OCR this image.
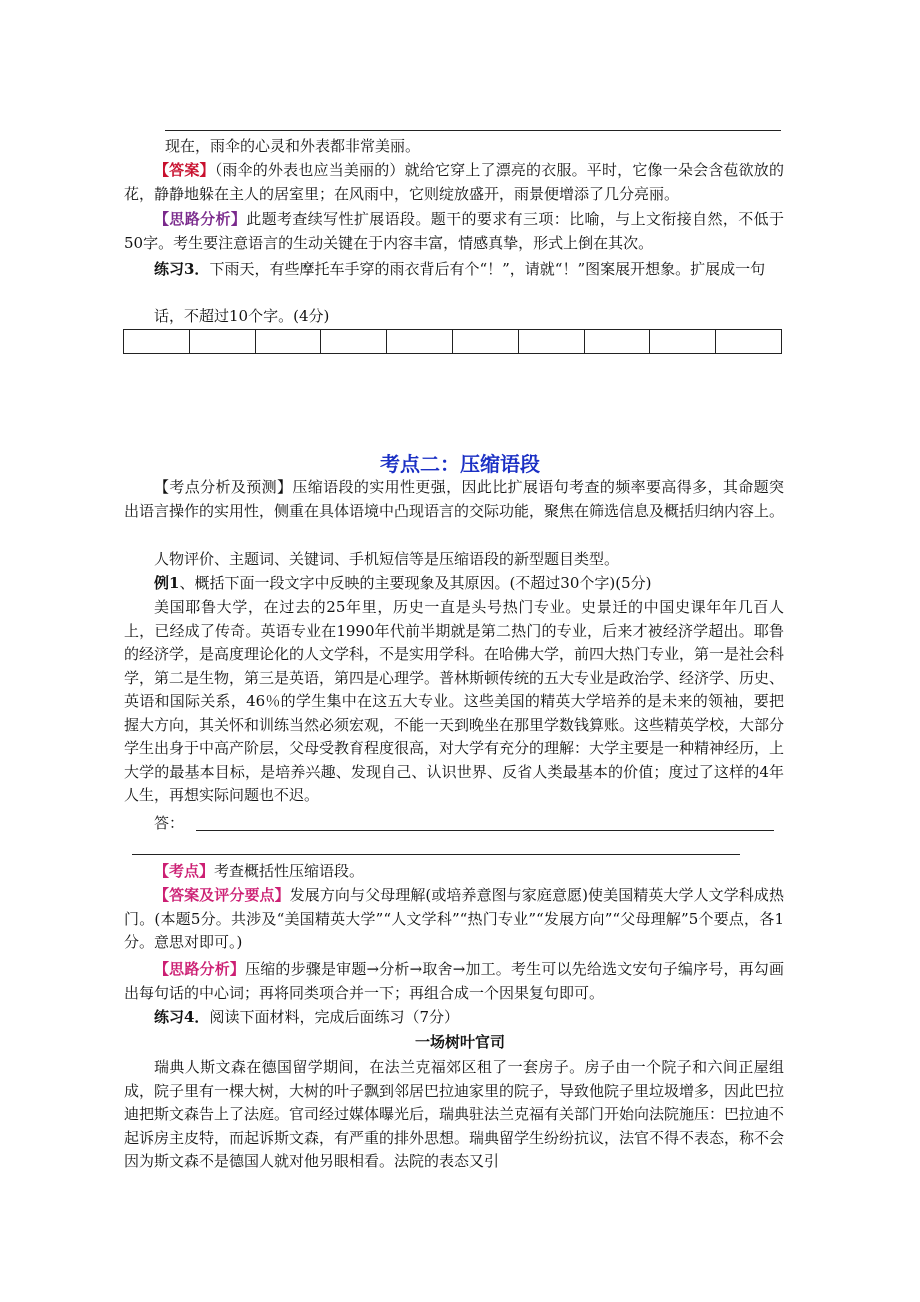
现在，雨伞的心灵和外表都非常美丽。
【答案】（雨伞的外表也应当美丽的）就给它穿上了漂亮的衣服。平时，它像一朵会含苞欲放的花，静静地躲在主人的居室里；在风雨中，它则绽放盛开，雨景便增添了几分亮丽。
【思路分析】此题考查续写性扩展语段。题干的要求有三项：比喻，与上文衔接自然，不低于50字。考生要注意语言的生动关键在于内容丰富，情感真挚，形式上倒在其次。
练习3．下雨天，有些摩托车手穿的雨衣背后有个“！”，请就“！”图案展开想象。扩展成一句
话，不超过10个字。(4分)

考点二：压缩语段
【考点分析及预测】压缩语段的实用性更强，因此比扩展语句考查的频率要高得多，其命题突出语言操作的实用性，侧重在具体语境中凸现语言的交际功能，聚焦在筛选信息及概括归纳内容上。
人物评价、主题词、关键词、手机短信等是压缩语段的新型题目类型。
例1、概括下面一段文字中反映的主要现象及其原因。(不超过30个字)(5分)
美国耶鲁大学，在过去的25年里，历史一直是头号热门专业。史景迁的中国史课年年几百人上，已经成了传奇。英语专业在1990年代前半期就是第二热门的专业，后来才被经济学超出。耶鲁的经济学，是高度理论化的人文学科，不是实用学科。在哈佛大学，前四大热门专业，第一是社会科学，第二是生物，第三是英语，第四是心理学。普林斯顿传统的五大专业是政治学、经济学、历史、英语和国际关系，46％的学生集中在这五大专业。这些美国的精英大学培养的是未来的领袖，要把握大方向，其关怀和训练当然必须宏观，不能一天到晚坐在那里学数钱算账。这些精英学校，大部分学生出身于中高产阶层，父母受教育程度很高，对大学有充分的理解：大学主要是一种精神经历，上大学的最基本目标，是培养兴趣、发现自己、认识世界、反省人类最基本的价值；度过了这样的4年人生，再想实际问题也不迟。
答：
【考点】考查概括性压缩语段。
【答案及评分要点】发展方向与父母理解(或培养意图与家庭意愿)使美国精英大学人文学科成热门。(本题5分。共涉及“美国精英大学”“人文学科”“热门专业”“发展方向”“父母理解”5个要点，各1分。意思对即可。)
【思路分析】压缩的步骤是审题→分析→取舍→加工。考生可以先给选文安句子编序号，再勾画出每句话的中心词；再将同类项合并一下；再组合成一个因果复句即可。
练习4．阅读下面材料，完成后面练习（7分）
一场树叶官司
瑞典人斯文森在德国留学期间，在法兰克福郊区租了一套房子。房子由一个院子和六间正屋组成，院子里有一棵大树，大树的叶子飘到邻居巴拉迪家里的院子，导致他院子里垃圾增多，因此巴拉迪把斯文森告上了法庭。官司经过媒体曝光后，瑞典驻法兰克福有关部门开始向法院施压：巴拉迪不起诉房主皮特，而起诉斯文森，有严重的排外思想。瑞典留学生纷纷抗议，法官不得不表态，称不会因为斯文森不是德国人就对他另眼相看。法院的表态又引
